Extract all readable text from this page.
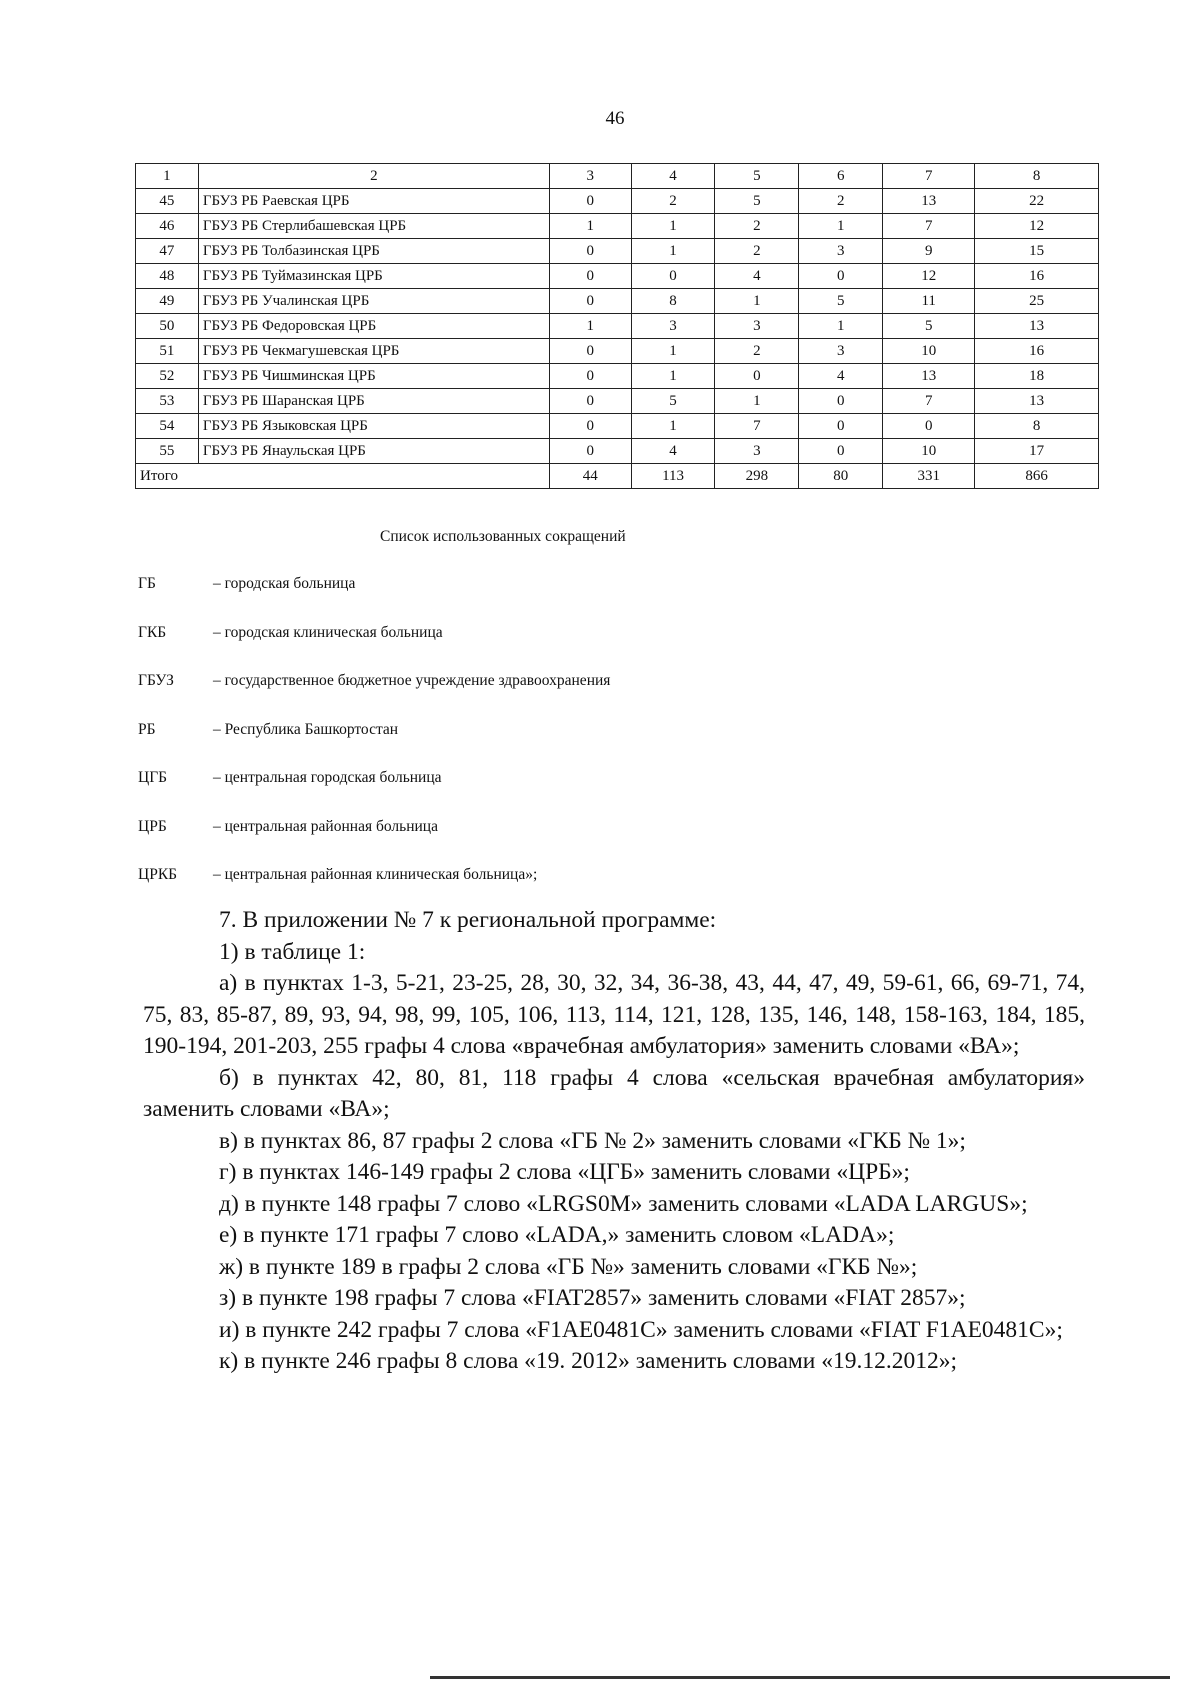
46
1	2	3	4	5	6	7	8
45	ГБУЗ РБ Раевская ЦРБ	0	2	5	2	13	22
46	ГБУЗ РБ Стерлибашевская ЦРБ	1	1	2	1	7	12
47	ГБУЗ РБ Толбазинская ЦРБ	0	1	2	3	9	15
48	ГБУЗ РБ Туймазинская ЦРБ	0	0	4	0	12	16
49	ГБУЗ РБ Учалинская ЦРБ	0	8	1	5	11	25
50	ГБУЗ РБ Федоровская ЦРБ	1	3	3	1	5	13
51	ГБУЗ РБ Чекмагушевская ЦРБ	0	1	2	3	10	16
52	ГБУЗ РБ Чишминская ЦРБ	0	1	0	4	13	18
53	ГБУЗ РБ Шаранская ЦРБ	0	5	1	0	7	13
54	ГБУЗ РБ Языковская ЦРБ	0	1	7	0	0	8
55	ГБУЗ РБ Янаульская ЦРБ	0	4	3	0	10	17
Итого		44	113	298	80	331	866
Список использованных сокращений
ГБ	– городская больница
ГКБ	– городская клиническая больница
ГБУЗ	– государственное бюджетное учреждение здравоохранения
РБ	– Республика Башкортостан
ЦГБ	– центральная городская больница
ЦРБ	– центральная районная больница
ЦРКБ	– центральная районная клиническая больница»;

7. В приложении № 7 к региональной программе:

1) в таблице 1:

а) в пунктах 1-3, 5-21, 23-25, 28, 30, 32, 34, 36-38, 43, 44, 47, 49, 59-61, 66, 69-71, 74, 75, 83, 85-87, 89, 93, 94, 98, 99, 105, 106, 113, 114, 121, 128, 135, 146, 148, 158-163, 184, 185, 190-194, 201-203, 255 графы 4 слова «врачебная амбулатория» заменить словами «ВА»;

б) в пунктах 42, 80, 81, 118 графы 4 слова «сельская врачебная амбулатория» заменить словами «ВА»;

в) в пунктах 86, 87 графы 2 слова «ГБ № 2» заменить словами «ГКБ № 1»;

г) в пунктах 146-149 графы 2 слова «ЦГБ» заменить словами «ЦРБ»;

д) в пункте 148 графы 7 слово «LRGS0M» заменить словами «LADA LARGUS»;

е) в пункте 171 графы 7 слово «LADA,» заменить словом «LADA»;

ж) в пункте 189 в графы 2 слова «ГБ №» заменить словами «ГКБ №»;

з) в пункте 198 графы 7 слова «FIAT2857» заменить словами «FIAT 2857»;

и) в пункте 242 графы 7 слова «F1AE0481C» заменить словами «FIAT F1AE0481C»;

к) в пункте 246 графы 8 слова «19. 2012» заменить словами «19.12.2012»;
